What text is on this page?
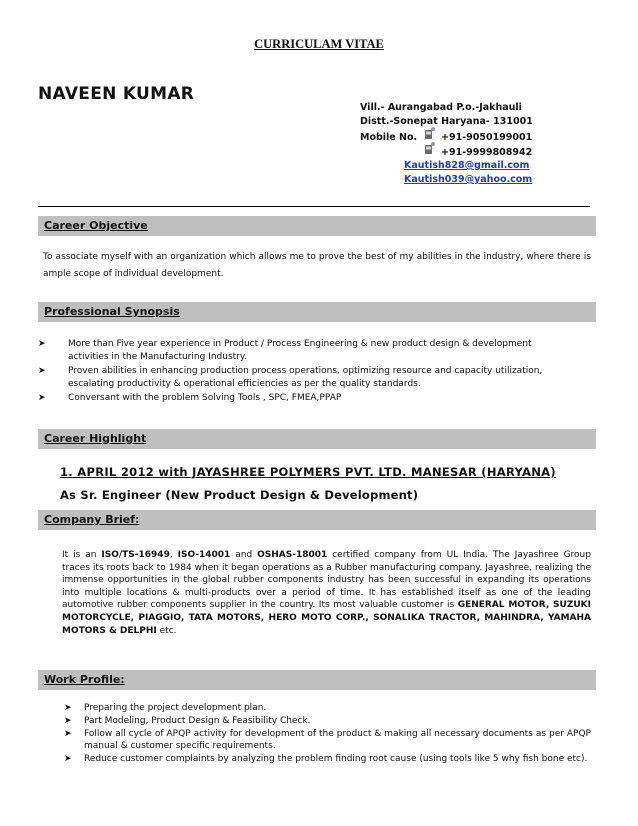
CURRICULAM VITAE
NAVEEN KUMAR
Vill.- Aurangabad P.o.-Jakhauli
Distt.-Sonepat Haryana- 131001
Mobile No.	+91-9050199001
+91-9999808942
Kautish828@gmail.com
Kautish039@yahoo.com
Career Objective
To associate myself with an organization which allows me to prove the best of my abilities in the industry, where there is ample scope of individual development.
Professional Synopsis
➤ More than Five year experience in Product / Process Engineering & new product design & development activities in the Manufacturing Industry.
➤ Proven abilities in enhancing production process operations, optimizing resource and capacity utilization, escalating productivity & operational efficiencies as per the quality standards.
➤ Conversant with the problem Solving Tools , SPC, FMEA,PPAP
Career Highlight
1. APRIL 2012 with JAYASHREE POLYMERS PVT. LTD. MANESAR (HARYANA)
As Sr. Engineer (New Product Design & Development)
Company Brief:
It is an ISO/TS-16949, ISO-14001 and OSHAS-18001 certified company from UL India. The Jayashree Group traces its roots back to 1984 when it began operations as a Rubber manufacturing company. Jayashree, realizing the immense opportunities in the global rubber components industry has been successful in expanding its operations into multiple locations & multi-products over a period of time. It has established itself as one of the leading automotive rubber components supplier in the country. Its most valuable customer is GENERAL MOTOR, SUZUKI MOTORCYCLE, PIAGGIO, TATA MOTORS, HERO MOTO CORP., SONALIKA TRACTOR, MAHINDRA, YAMAHA MOTORS & DELPHI etc.
Work Profile:
➤ Preparing the project development plan.
➤ Part Modeling, Product Design & Feasibility Check.
➤ Follow all cycle of APQP activity for development of the product & making all necessary documents as per APQP manual & customer specific requirements.
➤ Reduce customer complaints by analyzing the problem finding root cause (using tools like 5 why fish bone etc).
